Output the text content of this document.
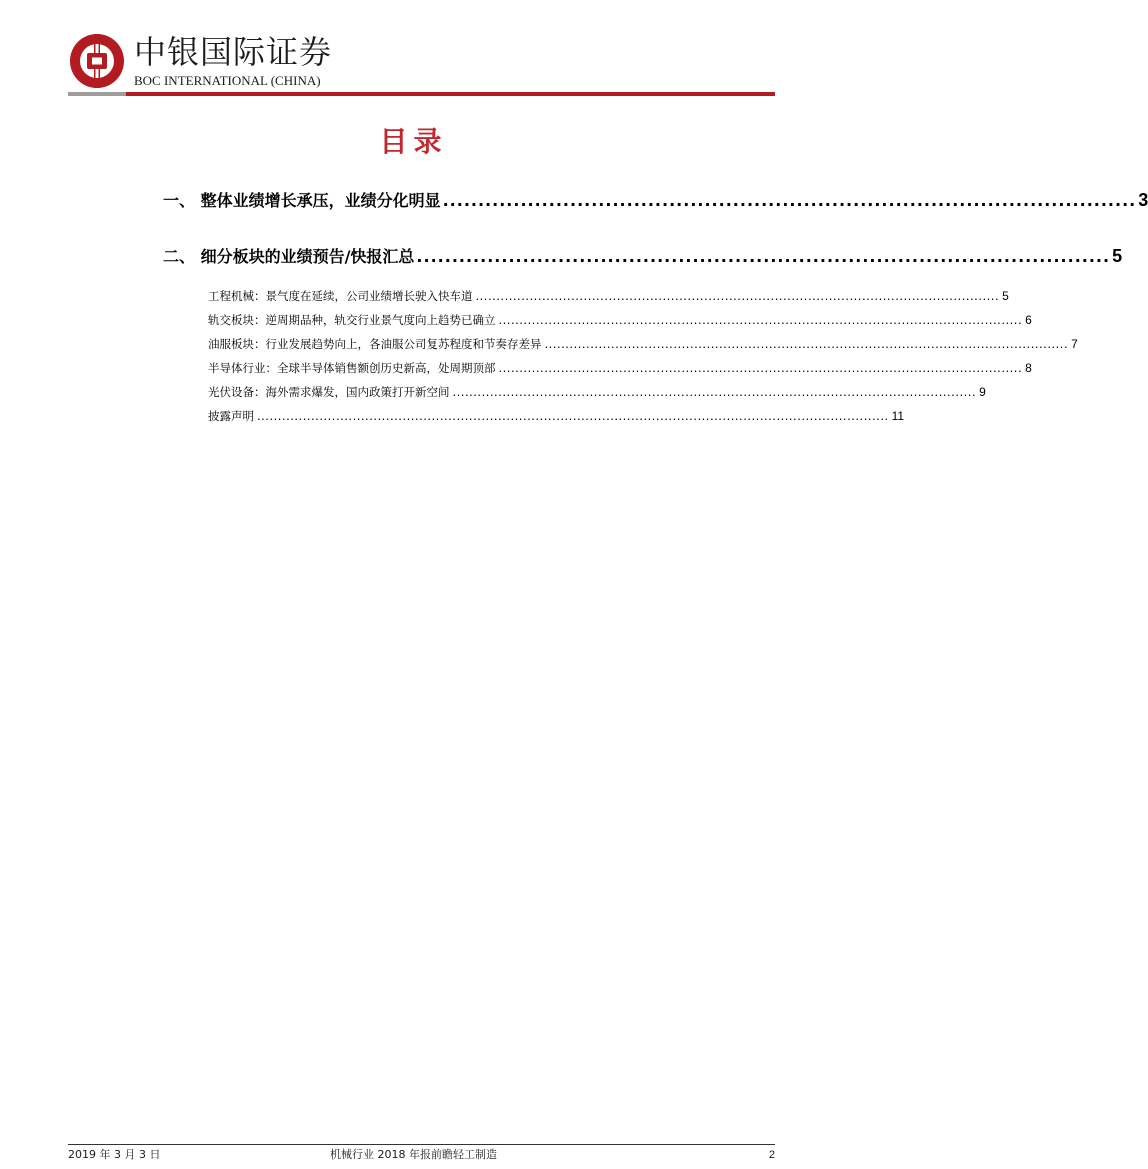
中银国际证券
BOC INTERNATIONAL (CHINA)
目录
一、 整体业绩增长承压，业绩分化明显 .................................................................................................. 3
二、 细分板块的业绩预告/快报汇总 .................................................................................................. 5
工程机械：景气度在延续，公司业绩增长驶入快车道 .............................................................................................................................. 5
轨交板块：逆周期品种，轨交行业景气度向上趋势已确立 .............................................................................................................................. 6
油服板块：行业发展趋势向上，各油服公司复苏程度和节奏存差异 .............................................................................................................................. 7
半导体行业：全球半导体销售额创历史新高，处周期顶部 .............................................................................................................................. 8
光伏设备：海外需求爆发，国内政策打开新空间 .............................................................................................................................. 9
披露声明 ........................................................................................................................................................ 11
2019 年 3 月 3 日	机械行业 2018 年报前瞻轻工制造	2
